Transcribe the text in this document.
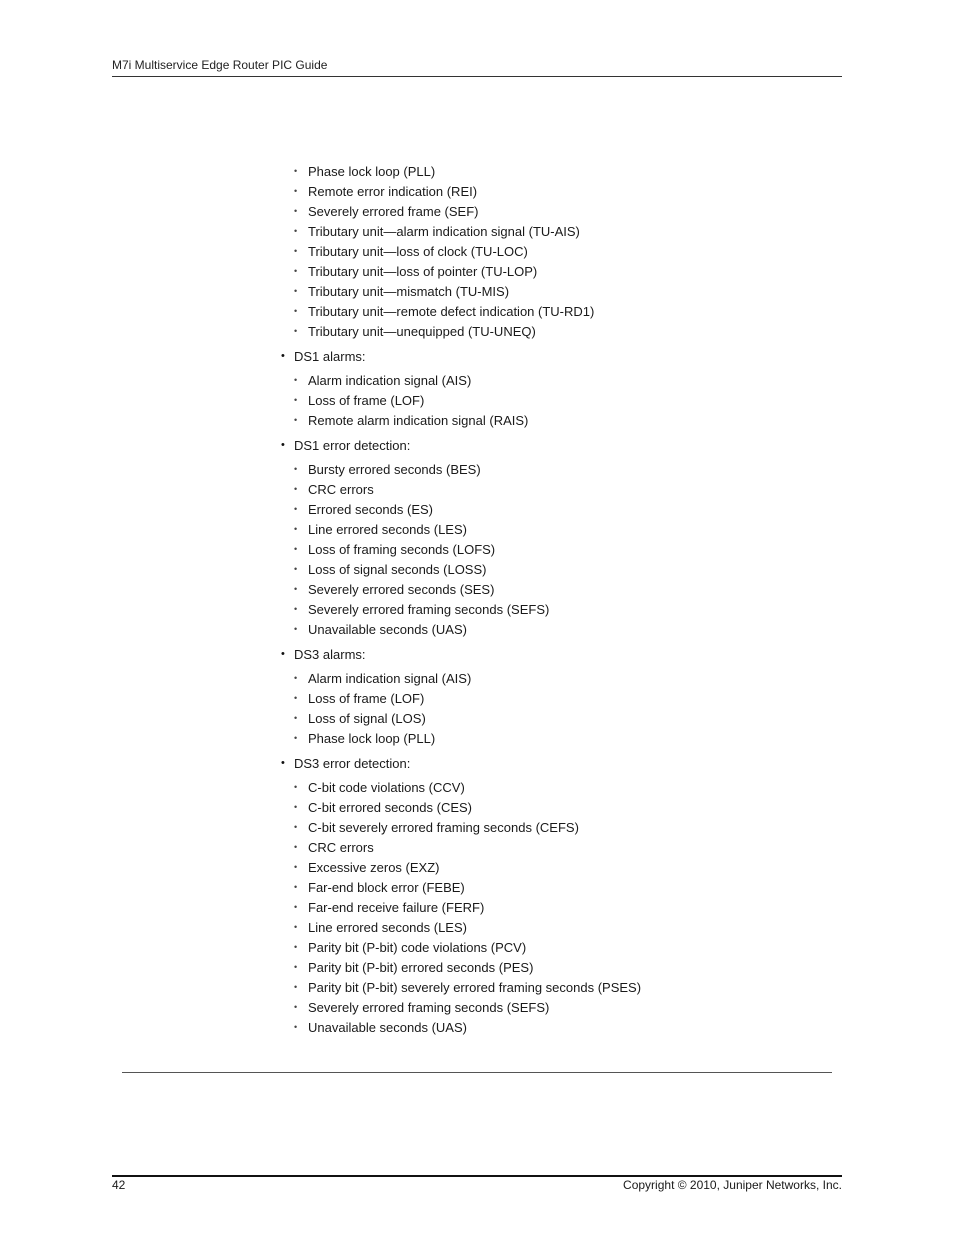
M7i Multiservice Edge Router PIC Guide
• Phase lock loop (PLL)
• Remote error indication (REI)
• Severely errored frame (SEF)
• Tributary unit—alarm indication signal (TU-AIS)
• Tributary unit—loss of clock (TU-LOC)
• Tributary unit—loss of pointer (TU-LOP)
• Tributary unit—mismatch (TU-MIS)
• Tributary unit—remote defect indication (TU-RD1)
• Tributary unit—unequipped (TU-UNEQ)
• DS1 alarms:
• Alarm indication signal (AIS)
• Loss of frame (LOF)
• Remote alarm indication signal (RAIS)
• DS1 error detection:
• Bursty errored seconds (BES)
• CRC errors
• Errored seconds (ES)
• Line errored seconds (LES)
• Loss of framing seconds (LOFS)
• Loss of signal seconds (LOSS)
• Severely errored seconds (SES)
• Severely errored framing seconds (SEFS)
• Unavailable seconds (UAS)
• DS3 alarms:
• Alarm indication signal (AIS)
• Loss of frame (LOF)
• Loss of signal (LOS)
• Phase lock loop (PLL)
• DS3 error detection:
• C-bit code violations (CCV)
• C-bit errored seconds (CES)
• C-bit severely errored framing seconds (CEFS)
• CRC errors
• Excessive zeros (EXZ)
• Far-end block error (FEBE)
• Far-end receive failure (FERF)
• Line errored seconds (LES)
• Parity bit (P-bit) code violations (PCV)
• Parity bit (P-bit) errored seconds (PES)
• Parity bit (P-bit) severely errored framing seconds (PSES)
• Severely errored framing seconds (SEFS)
• Unavailable seconds (UAS)
42	Copyright © 2010, Juniper Networks, Inc.
